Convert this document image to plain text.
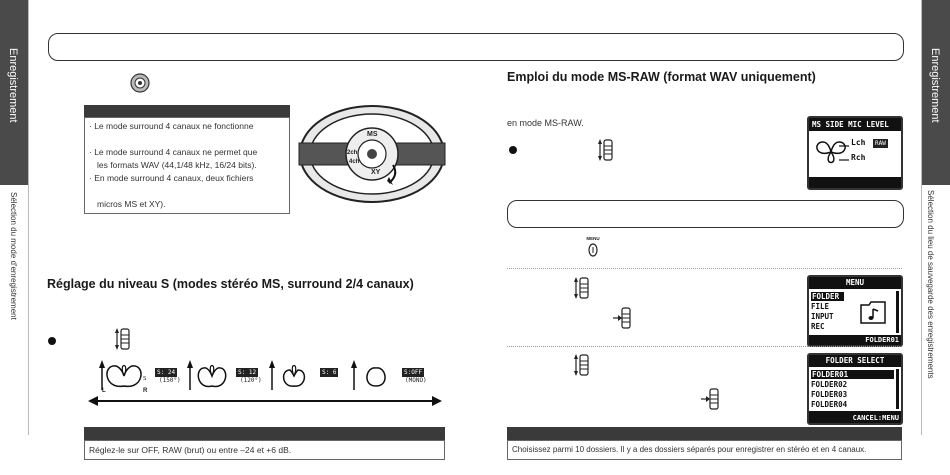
Enregistrement
Sélection du mode d'enregistrement
Enregistrement
Sélection du lieu de sauvegarde des enregistrements
· Le mode surround 4 canaux ne fonctionne
· Le mode surround 4 canaux ne permet que
les formats WAV (44,1/48 kHz, 16/24 bits).
· En mode surround 4 canaux, deux fichiers
micros MS et XY).
MS
2ch
4ch
XY
Réglage du niveau S (modes stéréo MS, surround 2/4 canaux)
S
S: 24
(150°)
S: 12
(120°)
S: 6	S:OFF
(MONO)
L	R
Réglez-le sur OFF, RAW (brut) ou entre –24 et +6 dB.
Emploi du mode MS-RAW (format WAV uniquement)
en mode MS-RAW.	MS SIDE MIC LEVEL
Lch	RAW
Rch
MENU
MENU
FOLDER
FILE
INPUT
REC
FOLDER01
FOLDER SELECT
FOLDER01
FOLDER02
FOLDER03
FOLDER04
CANCEL:MENU
Choisissez parmi 10 dossiers. Il y a des dossiers séparés pour enregistrer en stéréo et en 4 canaux.
